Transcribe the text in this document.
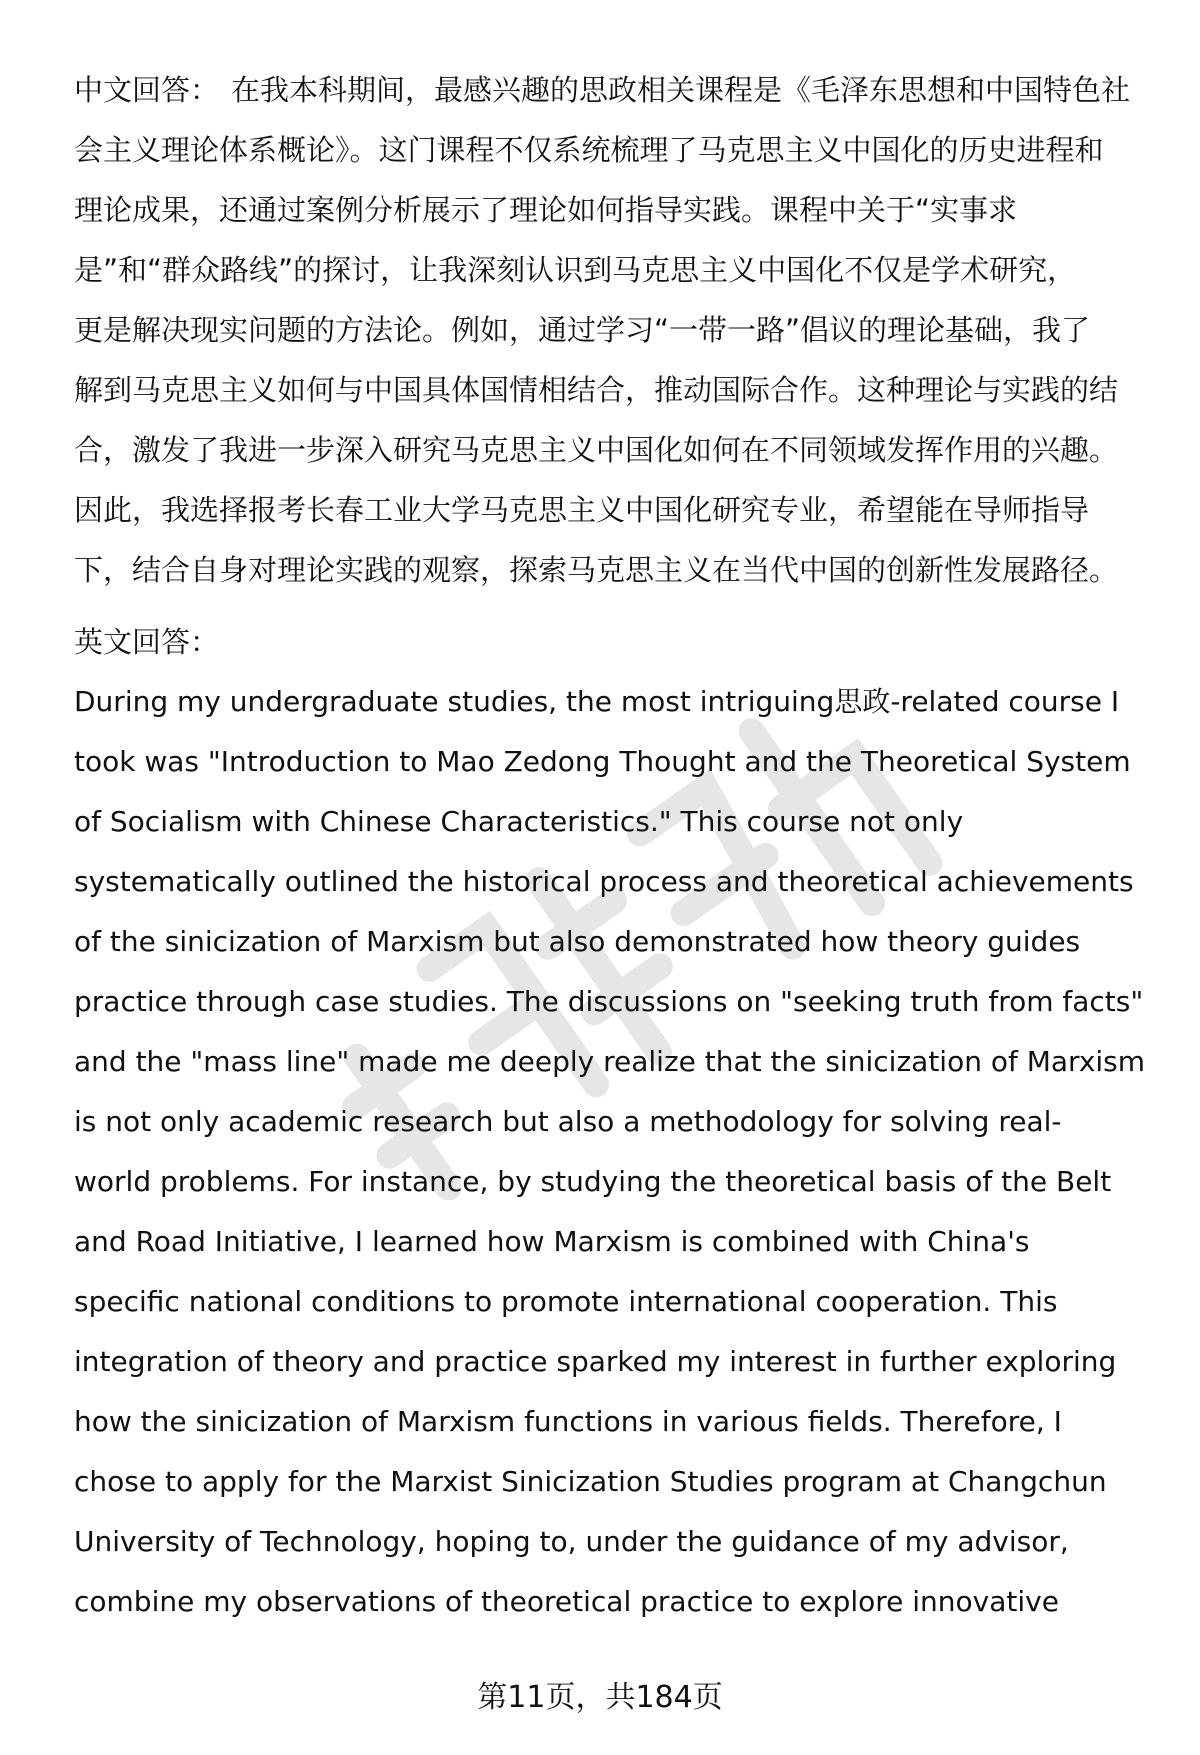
中文回答： 在我本科期间，最感兴趣的思政相关课程是《毛泽东思想和中国特色社
会主义理论体系概论》。这门课程不仅系统梳理了马克思主义中国化的历史进程和
理论成果，还通过案例分析展示了理论如何指导实践。课程中关于“实事求
是”和“群众路线”的探讨，让我深刻认识到马克思主义中国化不仅是学术研究，
更是解决现实问题的方法论。例如，通过学习“一带一路”倡议的理论基础，我了
解到马克思主义如何与中国具体国情相结合，推动国际合作。这种理论与实践的结
合，激发了我进一步深入研究马克思主义中国化如何在不同领域发挥作用的兴趣。
因此，我选择报考长春工业大学马克思主义中国化研究专业，希望能在导师指导
下，结合自身对理论实践的观察，探索马克思主义在当代中国的创新性发展路径。
英文回答：
During my undergraduate studies, the most intriguing思政-related course I
took was "Introduction to Mao Zedong Thought and the Theoretical System
of Socialism with Chinese Characteristics." This course not only
systematically outlined the historical process and theoretical achievements
of the sinicization of Marxism but also demonstrated how theory guides
practice through case studies. The discussions on "seeking truth from facts"
and the "mass line" made me deeply realize that the sinicization of Marxism
is not only academic research but also a methodology for solving real-
world problems. For instance, by studying the theoretical basis of the Belt
and Road Initiative, I learned how Marxism is combined with China's
specific national conditions to promote international cooperation. This
integration of theory and practice sparked my interest in further exploring
how the sinicization of Marxism functions in various fields. Therefore, I
chose to apply for the Marxist Sinicization Studies program at Changchun
University of Technology, hoping to, under the guidance of my advisor,
combine my observations of theoretical practice to explore innovative
第11页，共184页
